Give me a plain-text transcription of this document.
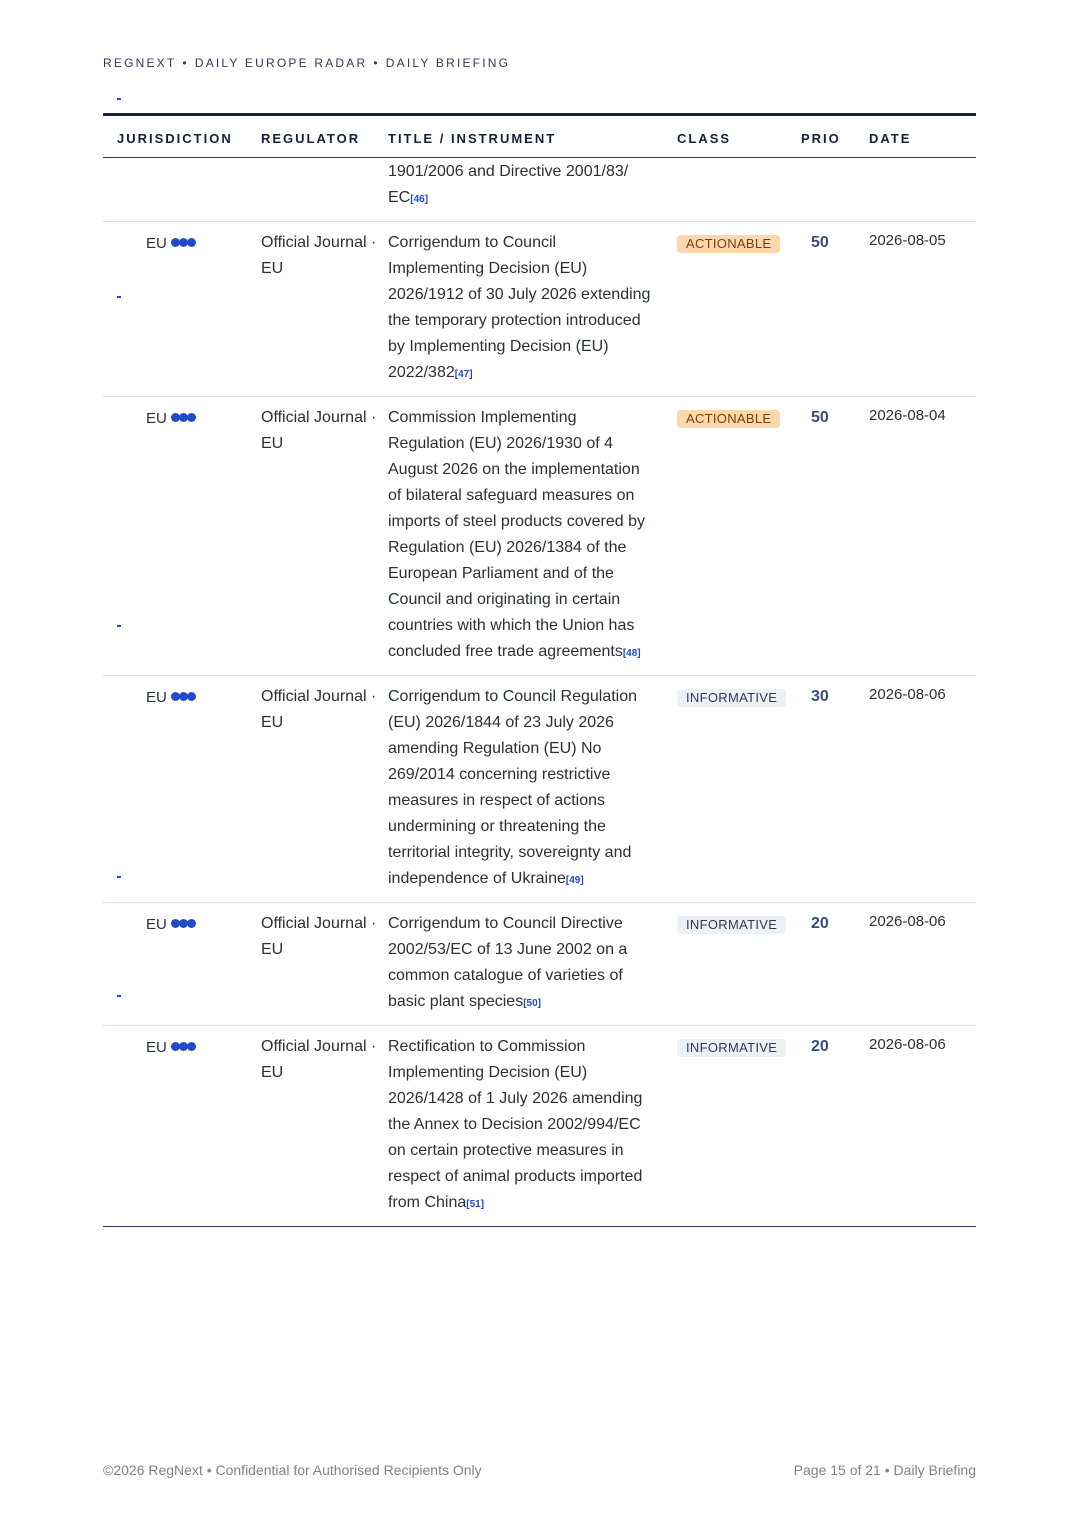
REGNEXT • DAILY EUROPE RADAR • DAILY BRIEFING
JURISDICTION	REGULATOR	TITLE / INSTRUMENT	CLASS	PRIO	DATE
		1901/2006 and Directive 2001/83/ EC[46]			
EU	Official Journal · EU	Corrigendum to Council Implementing Decision (EU) 2026/1912 of 30 July 2026 extending the temporary protection introduced by Implementing Decision (EU) 2022/382[47]	ACTIONABLE	50	2026-08-05
EU	Official Journal · EU	Commission Implementing Regulation (EU) 2026/1930 of 4 August 2026 on the implementation of bilateral safeguard measures on imports of steel products covered by Regulation (EU) 2026/1384 of the European Parliament and of the Council and originating in certain countries with which the Union has concluded free trade agreements[48]	ACTIONABLE	50	2026-08-04
EU	Official Journal · EU	Corrigendum to Council Regulation (EU) 2026/1844 of 23 July 2026 amending Regulation (EU) No 269/2014 concerning restrictive measures in respect of actions undermining or threatening the territorial integrity, sovereignty and independence of Ukraine[49]	INFORMATIVE	30	2026-08-06
EU	Official Journal · EU	Corrigendum to Council Directive 2002/53/EC of 13 June 2002 on a common catalogue of varieties of basic plant species[50]	INFORMATIVE	20	2026-08-06
EU	Official Journal · EU	Rectification to Commission Implementing Decision (EU) 2026/1428 of 1 July 2026 amending the Annex to Decision 2002/994/EC on certain protective measures in respect of animal products imported from China[51]	INFORMATIVE	20	2026-08-06
©2026 RegNext • Confidential for Authorised Recipients Only	Page 15 of 21 • Daily Briefing
